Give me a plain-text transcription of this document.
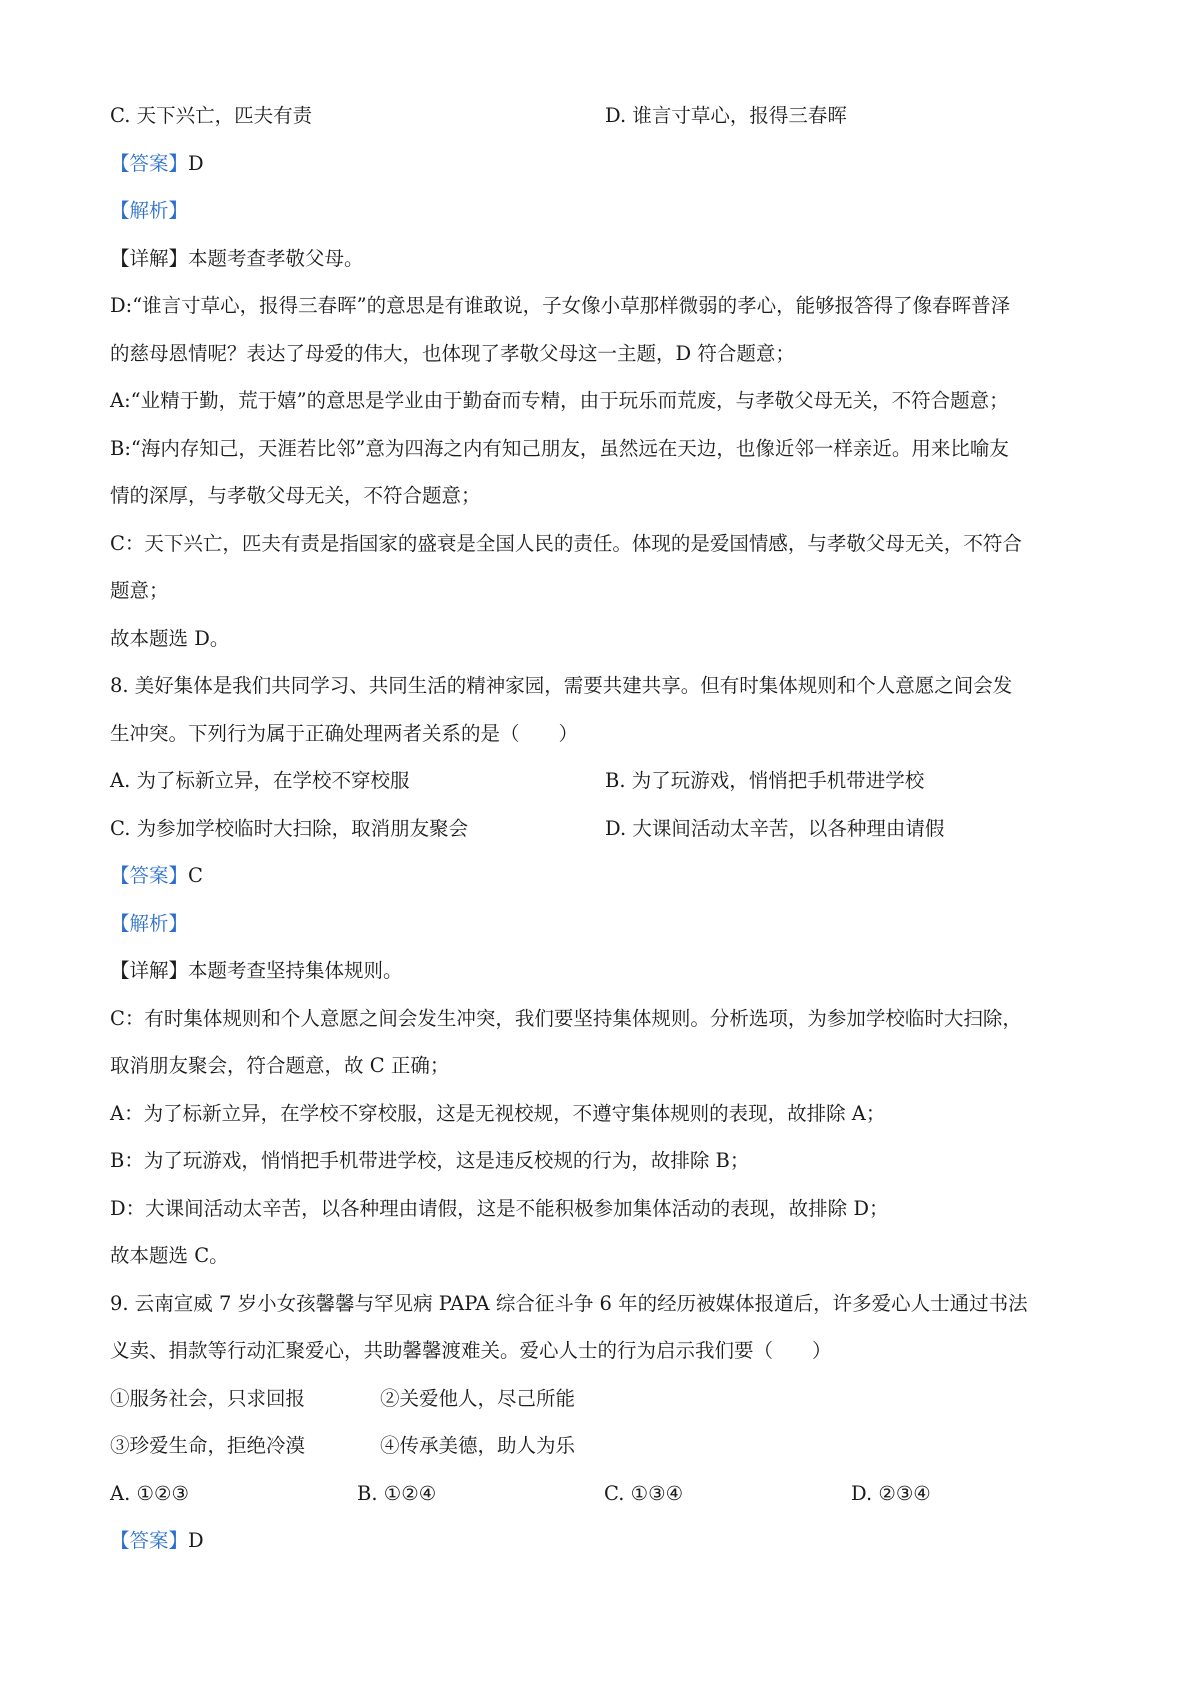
C. 天下兴亡，匹夫有责	D. 谁言寸草心，报得三春晖
【答案】D
【解析】
【详解】本题考查孝敬父母。
D:“谁言寸草心，报得三春晖”的意思是有谁敢说，子女像小草那样微弱的孝心，能够报答得了像春晖普泽
的慈母恩情呢？表达了母爱的伟大，也体现了孝敬父母这一主题，D 符合题意；
A:“业精于勤，荒于嬉”的意思是学业由于勤奋而专精，由于玩乐而荒废，与孝敬父母无关，不符合题意；
B:“海内存知己，天涯若比邻”意为四海之内有知己朋友，虽然远在天边，也像近邻一样亲近。用来比喻友
情的深厚，与孝敬父母无关，不符合题意；
C：天下兴亡，匹夫有责是指国家的盛衰是全国人民的责任。体现的是爱国情感，与孝敬父母无关，不符合
题意；
故本题选 D。
8. 美好集体是我们共同学习、共同生活的精神家园，需要共建共享。但有时集体规则和个人意愿之间会发
生冲突。下列行为属于正确处理两者关系的是（　　）
A. 为了标新立异，在学校不穿校服	B. 为了玩游戏，悄悄把手机带进学校
C. 为参加学校临时大扫除，取消朋友聚会	D. 大课间活动太辛苦，以各种理由请假
【答案】C
【解析】
【详解】本题考查坚持集体规则。
C：有时集体规则和个人意愿之间会发生冲突，我们要坚持集体规则。分析选项，为参加学校临时大扫除，
取消朋友聚会，符合题意，故 C 正确；
A：为了标新立异，在学校不穿校服，这是无视校规，不遵守集体规则的表现，故排除 A；
B：为了玩游戏，悄悄把手机带进学校，这是违反校规的行为，故排除 B；
D：大课间活动太辛苦，以各种理由请假，这是不能积极参加集体活动的表现，故排除 D；
故本题选 C。
9. 云南宣威 7 岁小女孩馨馨与罕见病 PAPA 综合征斗争 6 年的经历被媒体报道后，许多爱心人士通过书法
义卖、捐款等行动汇聚爱心，共助馨馨渡难关。爱心人士的行为启示我们要（　　）
①服务社会，只求回报	②关爱他人，尽己所能
③珍爱生命，拒绝冷漠	④传承美德，助人为乐
A. ①②③	B. ①②④	C. ①③④	D. ②③④
【答案】D
